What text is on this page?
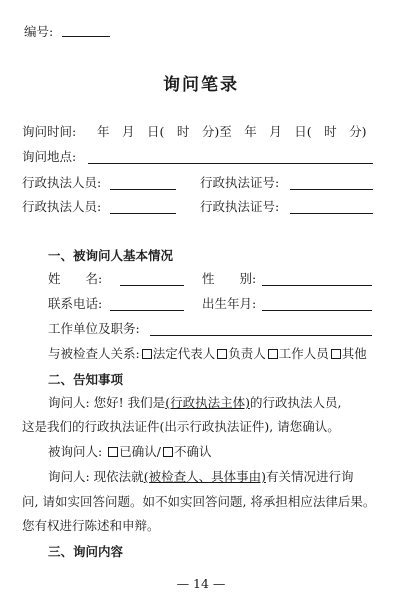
编号:
询问笔录
询问时间: 年　月　日(　时　分)至　年　月　日(　时　分)
询问地点:
行政执法人员:	行政执法证号:
行政执法人员:	行政执法证号:
一、被询问人基本情况
姓　　名:	性　　别:
联系电话:	出生年月:
工作单位及职务:
与被检查人关系: 法定代表人 负责人 工作人员 其他
二、告知事项
询问人: 您好! 我们是(行政执法主体)的行政执法人员,
这是我们的行政执法证件(出示行政执法证件), 请您确认。
被询问人: 已确认/ 不确认
询问人: 现依法就(被检查人、具体事由)有关情况进行询
问, 请如实回答问题。如不如实回答问题, 将承担相应法律后果。
您有权进行陈述和申辩。
三、询问内容
— 14 —
